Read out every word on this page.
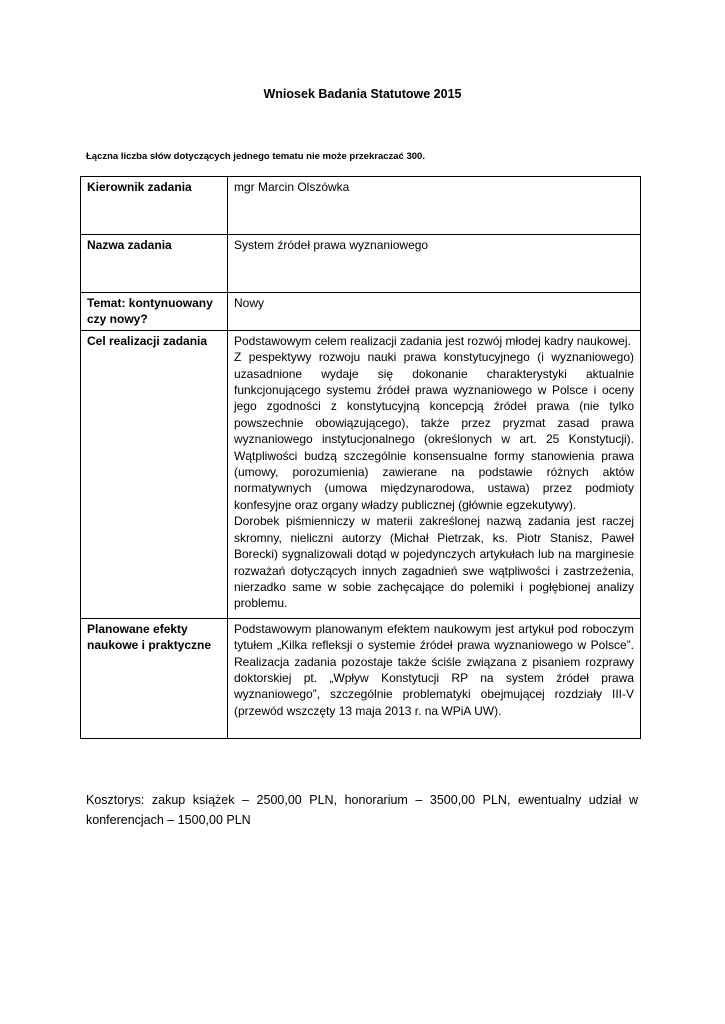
Wniosek Badania Statutowe 2015
Łączna liczba słów dotyczących jednego tematu nie może przekraczać 300.
Kierownik zadania	mgr Marcin Olszówka
Nazwa zadania	System źródeł prawa wyznaniowego
Temat: kontynuowany czy nowy?	Nowy
Cel realizacji zadania	Podstawowym celem realizacji zadania jest rozwój młodej kadry naukowej.

Z pespektywy rozwoju nauki prawa konstytucyjnego (i wyznaniowego) uzasadnione wydaje się dokonanie charakterystyki aktualnie funkcjonującego systemu źródeł prawa wyznaniowego w Polsce i oceny jego zgodności z konstytucyjną koncepcją źródeł prawa (nie tylko powszechnie obowiązującego), także przez pryzmat zasad prawa wyznaniowego instytucjonalnego (określonych w art. 25 Konstytucji). Wątpliwości budzą szczególnie konsensualne formy stanowienia prawa (umowy, porozumienia) zawierane na podstawie różnych aktów normatywnych (umowa międzynarodowa, ustawa) przez podmioty konfesyjne oraz organy władzy publicznej (głównie egzekutywy).

Dorobek piśmienniczy w materii zakreślonej nazwą zadania jest raczej skromny, nieliczni autorzy (Michał Pietrzak, ks. Piotr Stanisz, Paweł Borecki) sygnalizowali dotąd w pojedynczych artykułach lub na marginesie rozważań dotyczących innych zagadnień swe wątpliwości i zastrzeżenia, nierzadko same w sobie zachęcające do polemiki i pogłębionej analizy problemu.

Planowane efekty naukowe i praktyczne	Podstawowym planowanym efektem naukowym jest artykuł pod roboczym tytułem „Kilka refleksji o systemie źródeł prawa wyznaniowego w Polsce”. Realizacja zadania pozostaje także ściśle związana z pisaniem rozprawy doktorskiej pt. „Wpływ Konstytucji RP na system źródeł prawa wyznaniowego”, szczególnie problematyki obejmującej rozdziały III-V (przewód wszczęty 13 maja 2013 r. na WPiA UW).

Kosztorys: zakup książek – 2500,00 PLN, honorarium – 3500,00 PLN, ewentualny udział w konferencjach – 1500,00 PLN
